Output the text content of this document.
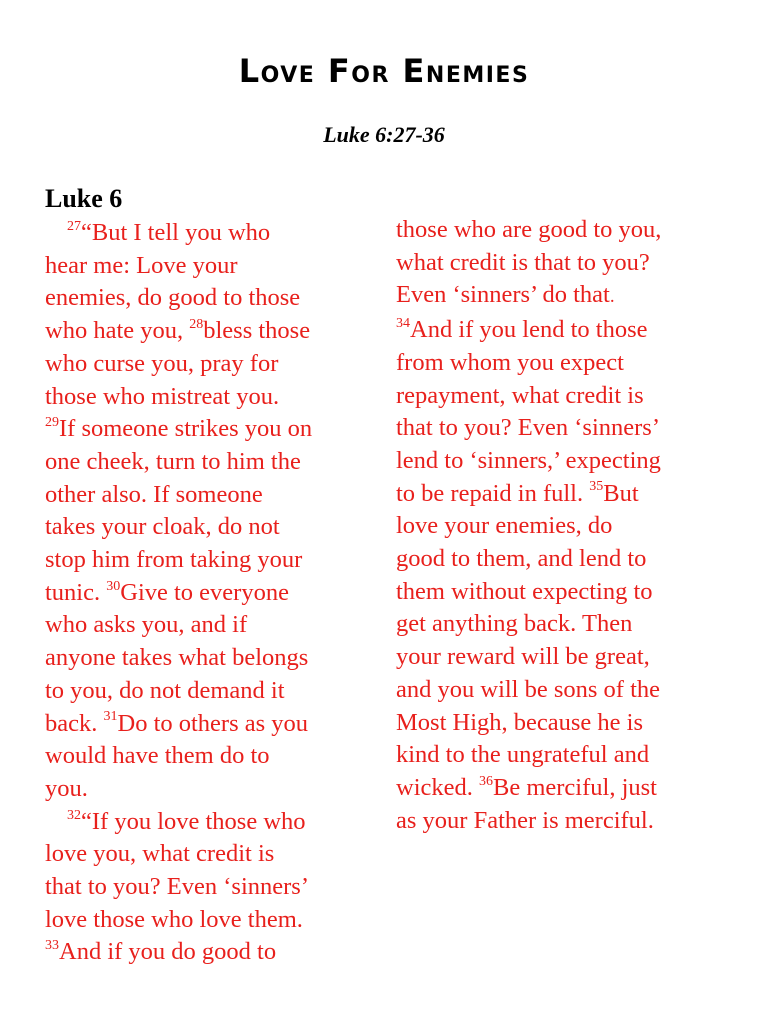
Love For Enemies
Luke 6:27-36
Luke 6
$^{27}$“But I tell you who
hear me: Love your
enemies, do good to those
who hate you, $^{28}$bless those
who curse you, pray for
those who mistreat you.
$^{29}$If someone strikes you on
one cheek, turn to him the
other also. If someone
takes your cloak, do not
stop him from taking your
tunic. $^{30}$Give to everyone
who asks you, and if
anyone takes what belongs
to you, do not demand it
back. $^{31}$Do to others as you
would have them do to
you.
$^{32}$“If you love those who
love you, what credit is
that to you? Even ‘sinners’
love those who love them.
$^{33}$And if you do good to
those who are good to you,
what credit is that to you?
Even ‘sinners’ do that.
$^{34}$And if you lend to those
from whom you expect
repayment, what credit is
that to you? Even ‘sinners’
lend to ‘sinners,’ expecting
to be repaid in full. $^{35}$But
love your enemies, do
good to them, and lend to
them without expecting to
get anything back. Then
your reward will be great,
and you will be sons of the
Most High, because he is
kind to the ungrateful and
wicked. $^{36}$Be merciful, just
as your Father is merciful.
